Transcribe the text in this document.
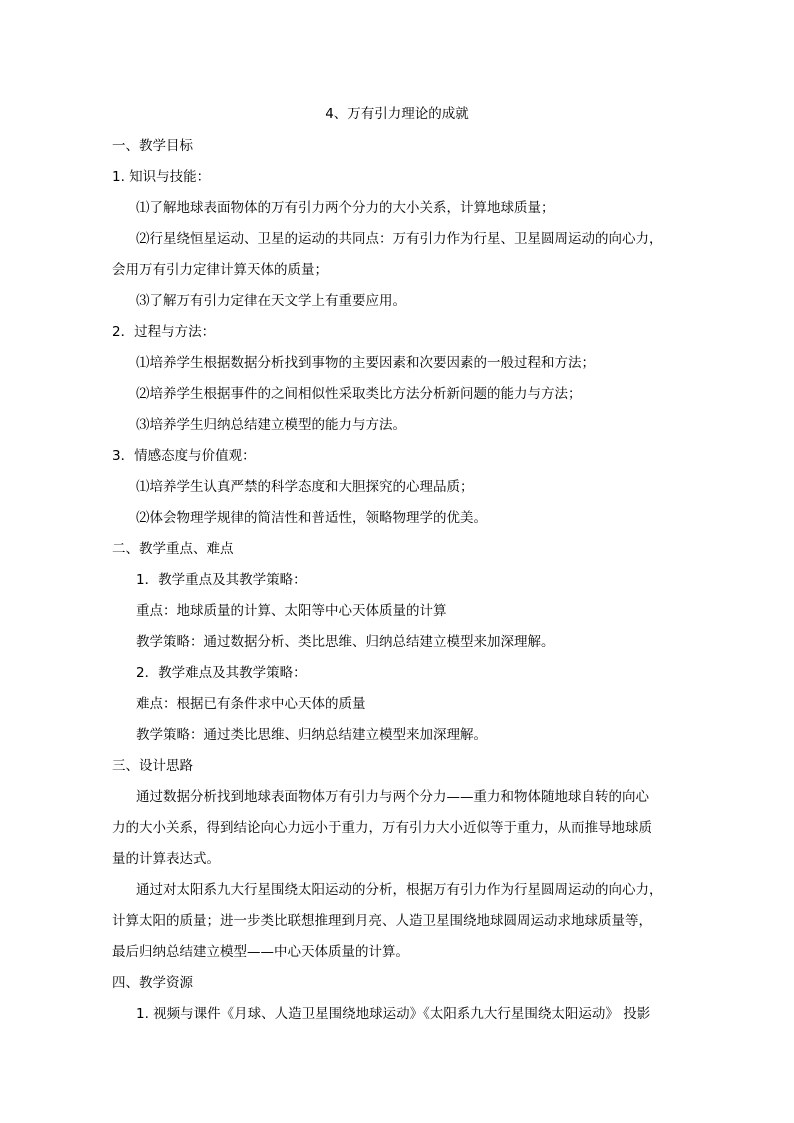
4、万有引力理论的成就
一、教学目标
1. 知识与技能：
⑴了解地球表面物体的万有引力两个分力的大小关系，计算地球质量；
⑵行星绕恒星运动、卫星的运动的共同点：万有引力作为行星、卫星圆周运动的向心力，
会用万有引力定律计算天体的质量；
⑶了解万有引力定律在天文学上有重要应用。
2．过程与方法：
⑴培养学生根据数据分析找到事物的主要因素和次要因素的一般过程和方法；
⑵培养学生根据事件的之间相似性采取类比方法分析新问题的能力与方法；
⑶培养学生归纳总结建立模型的能力与方法。
3．情感态度与价值观：
⑴培养学生认真严禁的科学态度和大胆探究的心理品质；
⑵体会物理学规律的简洁性和普适性，领略物理学的优美。
二、教学重点、难点
1．教学重点及其教学策略：
重点：地球质量的计算、太阳等中心天体质量的计算
教学策略：通过数据分析、类比思维、归纳总结建立模型来加深理解。
2．教学难点及其教学策略：
难点：根据已有条件求中心天体的质量
教学策略：通过类比思维、归纳总结建立模型来加深理解。
三、设计思路
通过数据分析找到地球表面物体万有引力与两个分力——重力和物体随地球自转的向心
力的大小关系，得到结论向心力远小于重力，万有引力大小近似等于重力，从而推导地球质
量的计算表达式。
通过对太阳系九大行星围绕太阳运动的分析，根据万有引力作为行星圆周运动的向心力，
计算太阳的质量；进一步类比联想推理到月亮、人造卫星围绕地球圆周运动求地球质量等，
最后归纳总结建立模型——中心天体质量的计算。
四、教学资源
1. 视频与课件《月球、人造卫星围绕地球运动》《太阳系九大行星围绕太阳运动》 投影
